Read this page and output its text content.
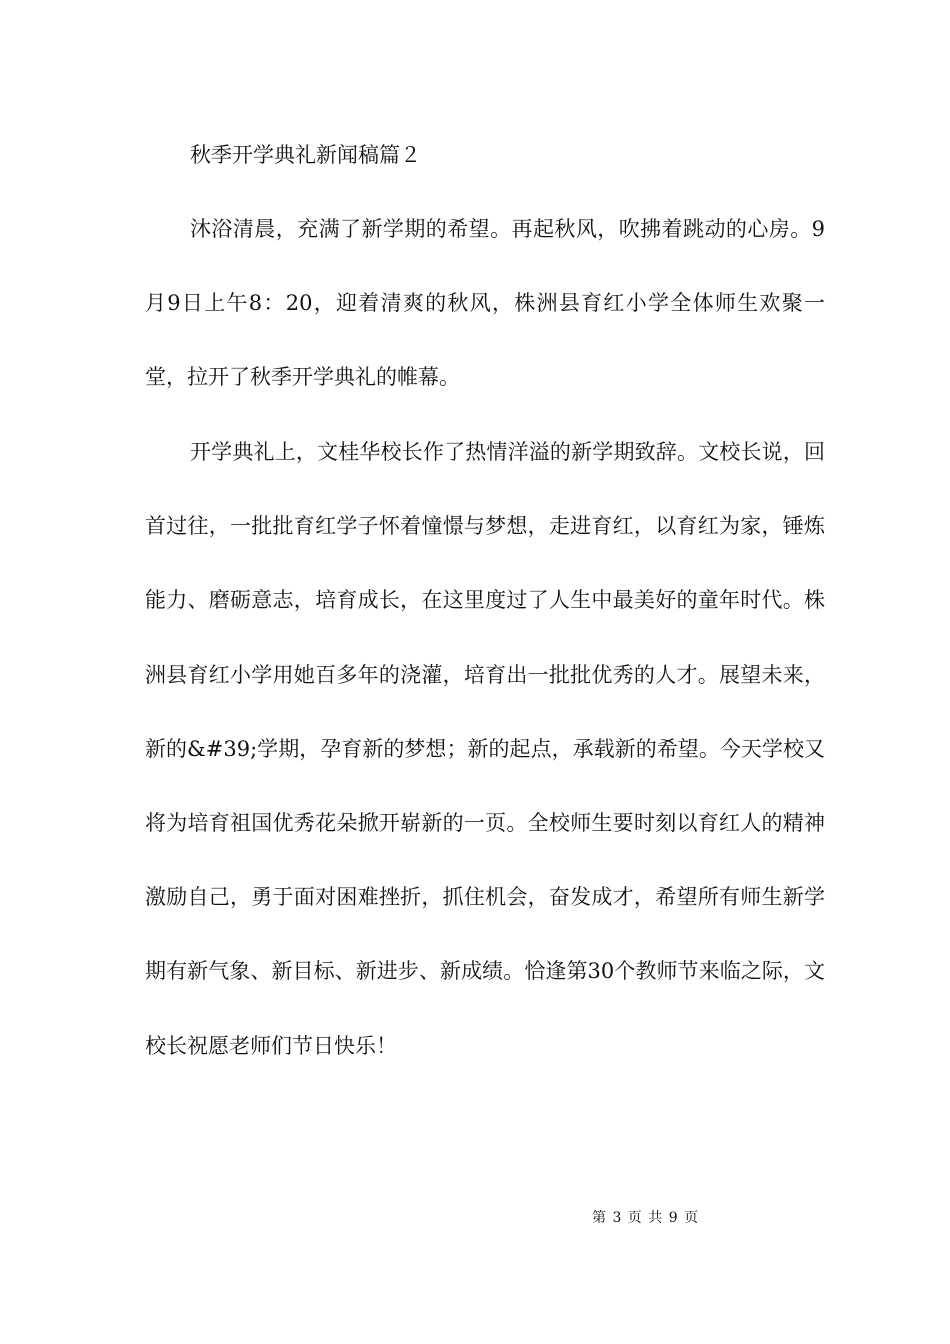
秋季开学典礼新闻稿篇２

沐浴清晨，充满了新学期的希望。再起秋风，吹拂着跳动的心房。9月9日上午8：20，迎着清爽的秋风，株洲县育红小学全体师生欢聚一堂，拉开了秋季开学典礼的帷幕。

开学典礼上，文桂华校长作了热情洋溢的新学期致辞。文校长说，回首过往，一批批育红学子怀着憧憬与梦想，走进育红，以育红为家，锤炼能力、磨砺意志，培育成长，在这里度过了人生中最美好的童年时代。株洲县育红小学用她百多年的浇灌，培育出一批批优秀的人才。展望未来，新的&#39;学期，孕育新的梦想；新的起点，承载新的希望。今天学校又将为培育祖国优秀花朵掀开崭新的一页。全校师生要时刻以育红人的精神激励自己，勇于面对困难挫折，抓住机会，奋发成才，希望所有师生新学期有新气象、新目标、新进步、新成绩。恰逢第30个教师节来临之际，文校长祝愿老师们节日快乐！

第 3 页 共 9 页
